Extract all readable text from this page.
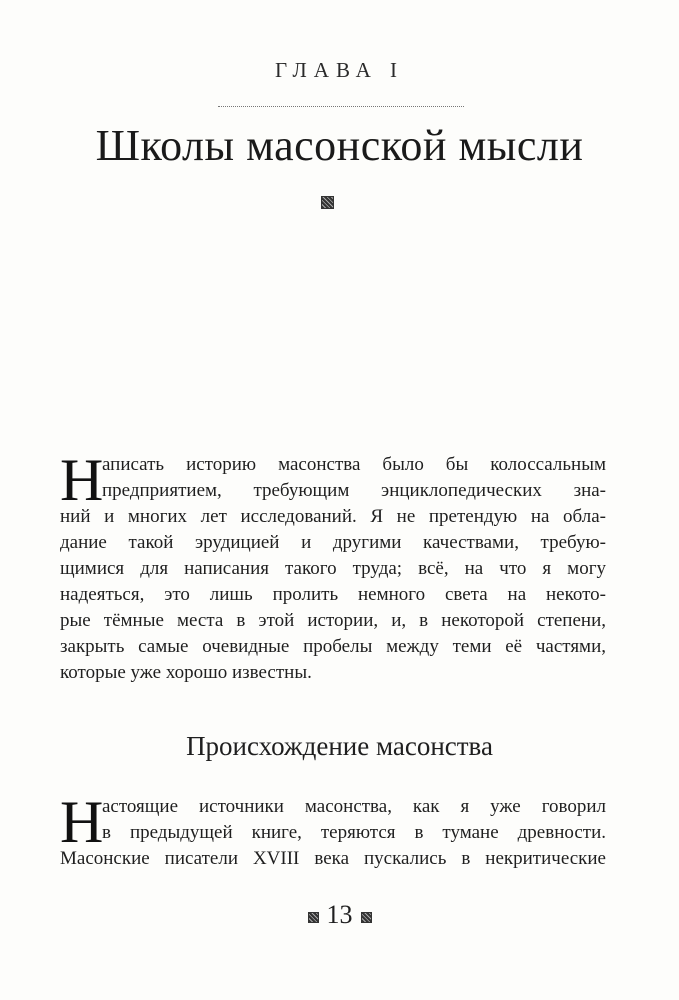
ГЛАВА I
Школы масонской мысли
Н
аписать историю масонства было бы колоссальным
предприятием, требующим энциклопедических зна-
ний и многих лет исследований. Я не претендую на обла-
дание такой эрудицией и другими качествами, требую-
щимися для написания такого труда; всё, на что я могу
надеяться, это лишь пролить немного света на некото-
рые тёмные места в этой истории, и, в некоторой степени,
закрыть самые очевидные пробелы между теми её частями,
которые уже хорошо известны.
Происхождение масонства
Н
астоящие источники масонства, как я уже говорил
в предыдущей книге, теряются в тумане древности.
Масонские писатели XVIII века пускались в некритические
13
